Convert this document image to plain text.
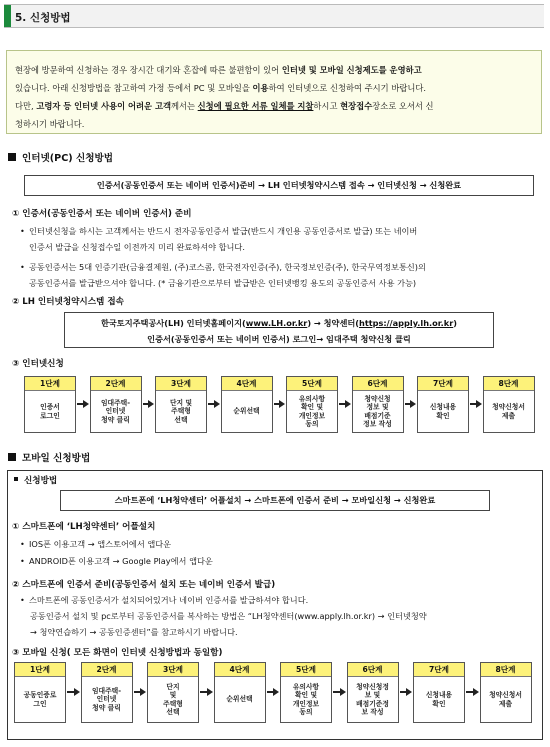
5. 신청방법
현장에 방문하여 신청하는 경우 장시간 대기와 혼잡에 따른 불편함이 있어 인터넷 및 모바일 신청제도를 운영하고
있습니다. 아래 신청방법을 참고하여 가정 등에서 PC 및 모바일을 이용하여 인터넷으로 신청하여 주시기 바랍니다.
다만, 고령자 등 인터넷 사용이 어려운 고객께서는 신청에 필요한 서류 일체를 지참하시고 현장접수장소로 오셔서 신
청하시기 바랍니다.
인터넷(PC) 신청방법
인증서(공동인증서 또는 네이버 인증서)준비 → LH 인터넷청약시스템 접속 → 인터넷신청 → 신청완료
① 인증서(공동인증서 또는 네이버 인증서) 준비
• 인터넷신청을 하시는 고객께서는 반드시 전자공동인증서 발급(반드시 개인용 공동인증서로 발급) 또는 네이버
인증서 발급을 신청접수일 이전까지 미리 완료하셔야 합니다.
• 공동인증서는 5대 인증기관(금융결제원, (주)코스콤, 한국전자인증(주), 한국정보인증(주), 한국무역정보통신)의
공동인증서를 발급받으셔야 합니다. (* 금융기관으로부터 발급받은 인터넷뱅킹 용도의 공동인증서 사용 가능)
② LH 인터넷청약시스템 접속
한국토지주택공사(LH) 인터넷홈페이지(www.LH.or.kr) → 청약센터(https://apply.lh.or.kr)
인증서(공동인증서 또는 네이버 인증서) 로그인→ 임대주택 청약신청 클릭
③ 인터넷신청
1단계
인증서
로그인
2단계
임대주택-
인터넷
청약 클릭
3단계
단지 및
주택형
선택
4단계
순위선택
5단계
유의사항
확인 및
개인정보
동의
6단계
청약신청
정보 및
배점기준
정보 작성
7단계
신청내용
확인
8단계
청약신청서
제출
모바일 신청방법
신청방법
스마트폰에 ‘LH청약센터’ 어플설치 → 스마트폰에 인증서 준비 → 모바일신청 → 신청완료
① 스마트폰에 ‘LH청약센터’ 어플설치
• IOS폰 이용고객 → 앱스토어에서 앱다운
• ANDROID폰 이용고객 → Google Play에서 앱다운
② 스마트폰에 인증서 준비(공동인증서 설치 또는 네이버 인증서 발급)
• 스마트폰에 공동인증서가 설치되어있거나 네이버 인증서를 발급하셔야 합니다.
공동인증서 설치 및 pc로부터 공동인증서를 복사하는 방법은 “LH청약센터(www.apply.lh.or.kr) → 인터넷청약
→ 청약연습하기 → 공동인증센터”를 참고하시기 바랍니다.
③ 모바일 신청( 모든 화면이 인터넷 신청방법과 동일함)
1단계
공동인증로
그인
2단계
임대주택-
인터넷
청약 클릭
3단계
단지
및
주택형
선택
4단계
순위선택
5단계
유의사항
확인 및
개인정보
동의
6단계
청약신청정
보 및
배점기준정
보 작성
7단계
신청내용
확인
8단계
청약신청서
제출
